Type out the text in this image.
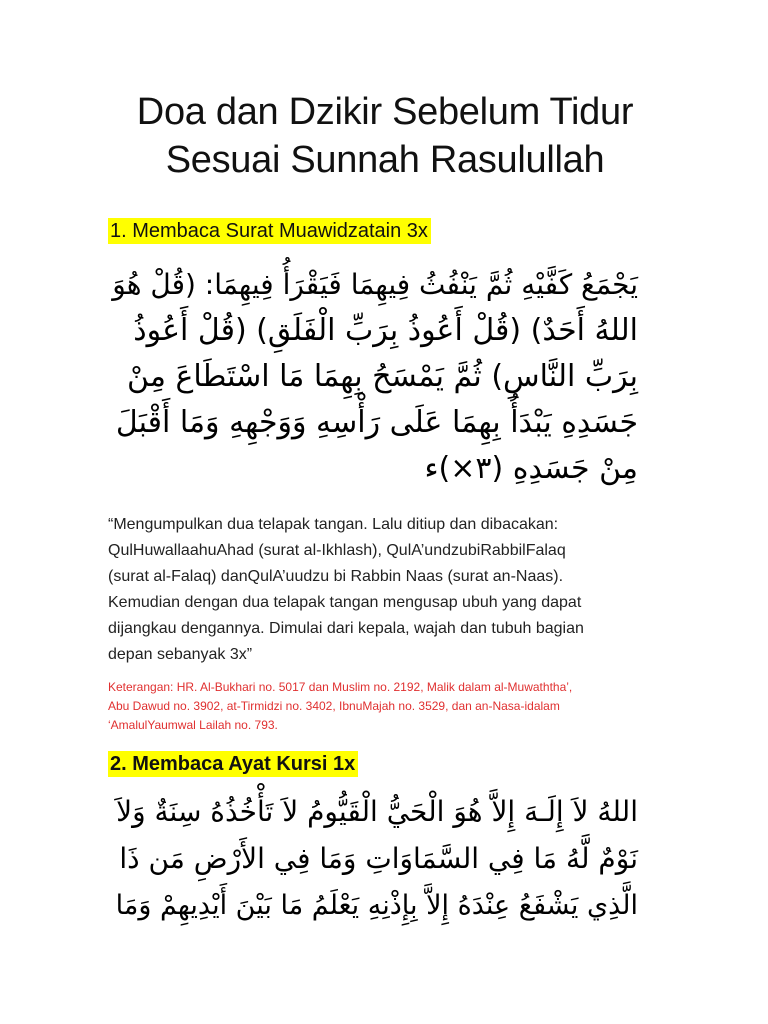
Doa dan Dzikir Sebelum Tidur
Sesuai Sunnah Rasulullah
1. Membaca Surat Muawidzatain 3x
يَجْمَعُ كَفَّيْهِ ثُمَّ يَنْفُثُ فِيهِمَا فَيَقْرَأُ فِيهِمَا: (قُلْ هُوَ
اللهُ أَحَدٌ) (قُلْ أَعُوذُ بِرَبِّ الْفَلَقِ) (قُلْ أَعُوذُ
بِرَبِّ النَّاسِ) ثُمَّ يَمْسَحُ بِهِمَا مَا اسْتَطَاعَ مِنْ
جَسَدِهِ يَبْدَأُ بِهِمَا عَلَى رَأْسِهِ وَوَجْهِهِ وَمَا أَقْبَلَ
مِنْ جَسَدِهِ (٣×)ء
“Mengumpulkan dua telapak tangan. Lalu ditiup dan dibacakan:
QulHuwallaahuAhad (surat al-Ikhlash), QulA’undzubiRabbilFalaq
(surat al-Falaq) danQulA’uudzu bi Rabbin Naas (surat an-Naas).
Kemudian dengan dua telapak tangan mengusap ubuh yang dapat
dijangkau dengannya. Dimulai dari kepala, wajah dan tubuh bagian
depan sebanyak 3x”
Keterangan: HR. Al-Bukhari no. 5017 dan Muslim no. 2192, Malik dalam al-Muwaththa’,
Abu Dawud no. 3902, at-Tirmidzi no. 3402, IbnuMajah no. 3529, dan an-Nasa-idalam
‘AmalulYaumwal Lailah no. 793.
2. Membaca Ayat Kursi 1x
اللهُ لاَ إِلَـهَ إِلاَّ هُوَ الْحَيُّ الْقَيُّومُ لاَ تَأْخُذُهُ سِنَةٌ وَلاَ
نَوْمٌ لَّهُ مَا فِي السَّمَاوَاتِ وَمَا فِي الأَرْضِ مَن ذَا
الَّذِي يَشْفَعُ عِنْدَهُ إِلاَّ بِإِذْنِهِ يَعْلَمُ مَا بَيْنَ أَيْدِيهِمْ وَمَا
